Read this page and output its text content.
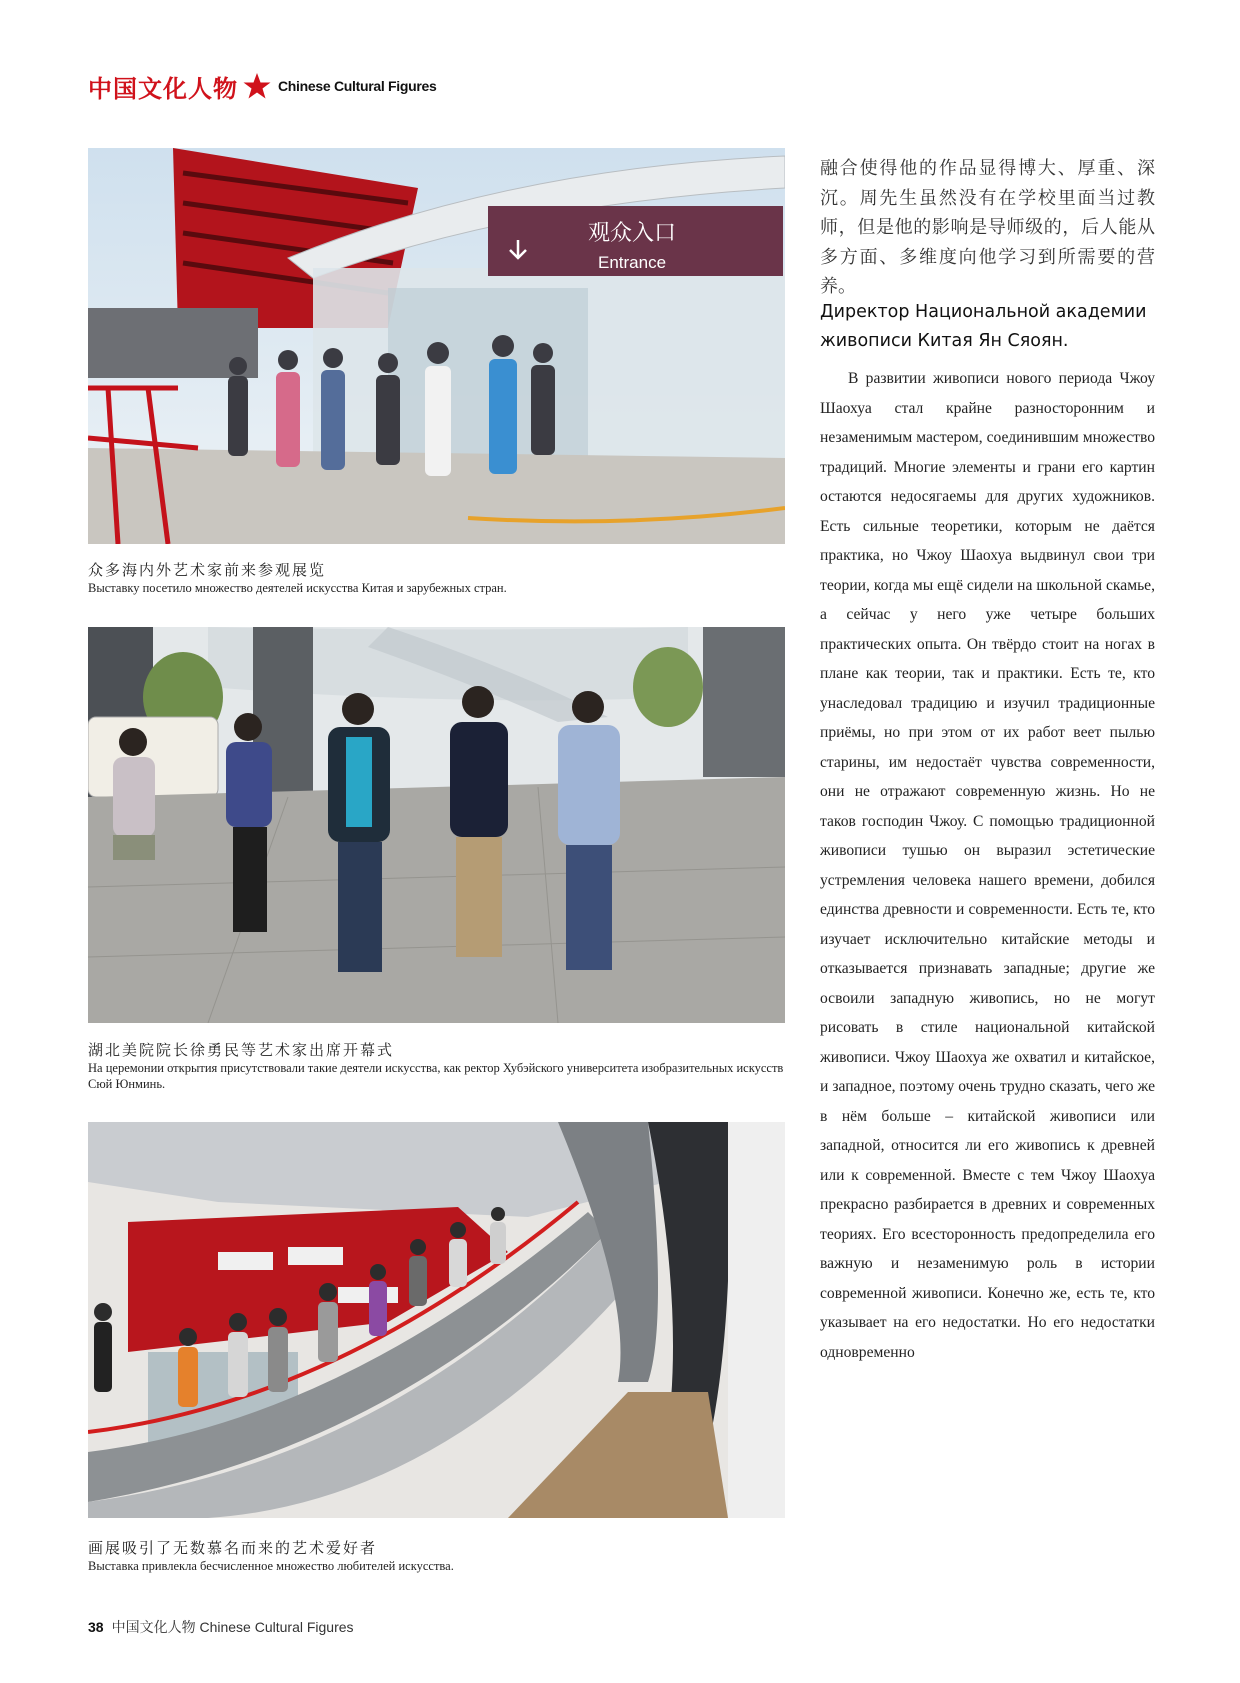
中国文化人物	Chinese Cultural Figures
观众入口
Entrance
众多海内外艺术家前来参观展览
Выставку посетило множество деятелей искусства Китая и зарубежных стран.
湖北美院院长徐勇民等艺术家出席开幕式
На церемонии открытия присутствовали такие деятели искусства, как ректор Хубэйского университета изобразительных искусств Сюй Юнминь.
画展吸引了无数慕名而来的艺术爱好者
Выставка привлекла бесчисленное множество любителей искусства.
融合使得他的作品显得博大、厚重、深沉。周先生虽然没有在学校里面当过教师，但是他的影响是导师级的，后人能从多方面、多维度向他学习到所需要的营养。
Директор Национальной академии живописи Китая Ян Сяоян.
В развитии живописи нового периода Чжоу Шаохуа стал крайне разносторонним и незаменимым мастером, соединившим множество традиций. Многие элементы и грани его картин остаются недосягаемы для других художников. Есть сильные теоретики, которым не даётся практика, но Чжоу Шаохуа выдвинул свои три теории, когда мы ещё сидели на школьной скамье, а сейчас у него уже четыре больших практических опыта. Он твёрдо стоит на ногах в плане как теории, так и практики. Есть те, кто унаследовал традицию и изучил традиционные приёмы, но при этом от их работ веет пылью старины, им недостаёт чувства современности, они не отражают современную жизнь. Но не таков господин Чжоу. С помощью традиционной живописи тушью он выразил эстетические устремления человека нашего времени, добился единства древности и современности. Есть те, кто изучает исключительно китайские методы и отказывается признавать западные; другие же освоили западную живопись, но не могут рисовать в стиле национальной китайской живописи. Чжоу Шаохуа же охватил и китайское, и западное, поэтому очень трудно сказать, чего же в нём больше – китайской живописи или западной, относится ли его живопись к древней или к современной. Вместе с тем Чжоу Шаохуа прекрасно разбирается в древних и современных теориях. Его всесторонность предопределила его важную и незаменимую роль в истории современной живописи. Конечно же, есть те, кто указывает на его недостатки. Но его недостатки одновременно
38 中国文化人物 Chinese Cultural Figures
